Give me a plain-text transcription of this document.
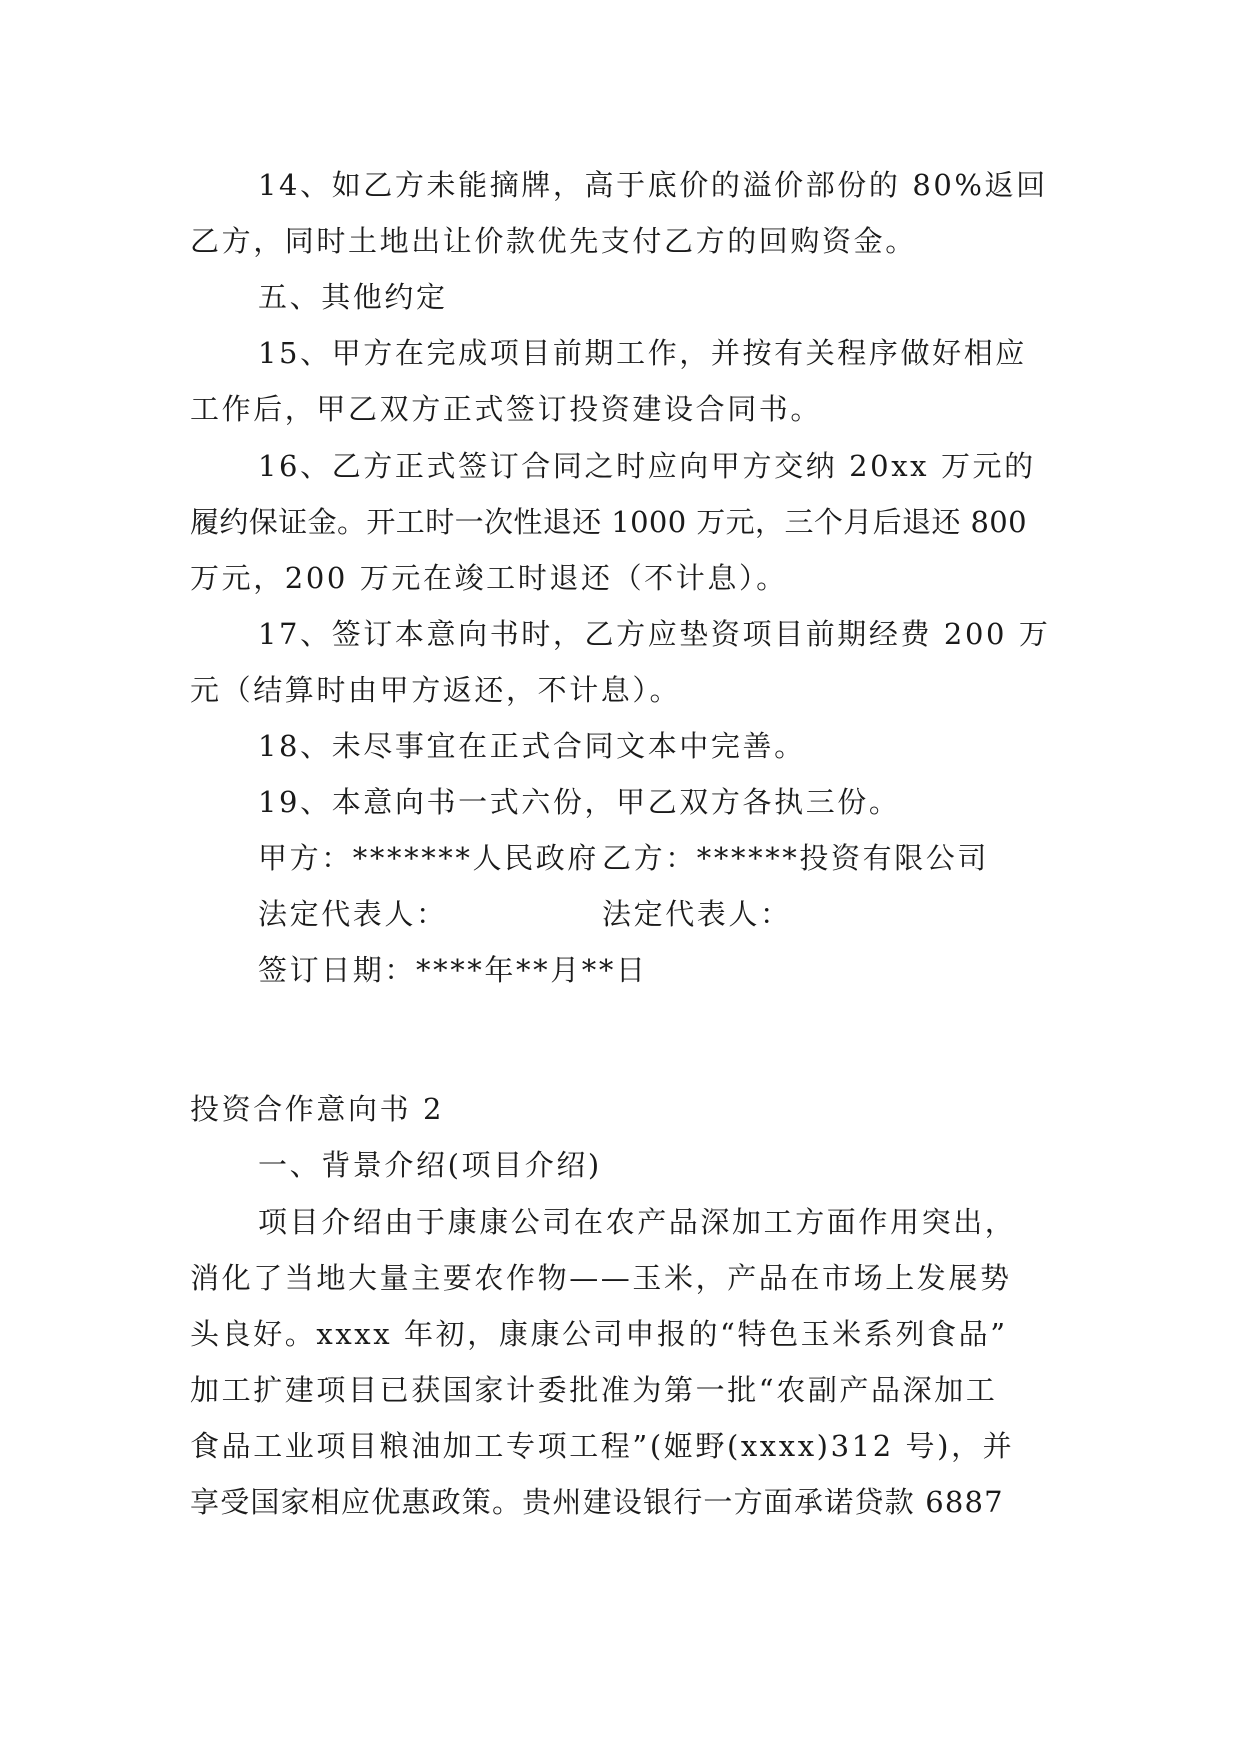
14、如乙方未能摘牌，高于底价的溢价部份的 80%返回
乙方，同时土地出让价款优先支付乙方的回购资金。
五、其他约定
15、甲方在完成项目前期工作，并按有关程序做好相应
工作后，甲乙双方正式签订投资建设合同书。
16、乙方正式签订合同之时应向甲方交纳 20xx 万元的
履约保证金。开工时一次性退还 1000 万元，三个月后退还 800
万元，200 万元在竣工时退还（不计息）。
17、签订本意向书时，乙方应垫资项目前期经费 200 万
元（结算时由甲方返还，不计息）。
18、未尽事宜在正式合同文本中完善。
19、本意向书一式六份，甲乙双方各执三份。
甲方：*******人民政府 乙方：******投资有限公司
法定代表人：	法定代表人：
签订日期：****年**月**日
投资合作意向书 2
一、背景介绍(项目介绍)
项目介绍由于康康公司在农产品深加工方面作用突出，
消化了当地大量主要农作物——玉米，产品在市场上发展势
头良好。xxxx 年初，康康公司申报的“特色玉米系列食品”
加工扩建项目已获国家计委批准为第一批“农副产品深加工
食品工业项目粮油加工专项工程”(姬野(xxxx)312 号)，并
享受国家相应优惠政策。贵州建设银行一方面承诺贷款 6887
